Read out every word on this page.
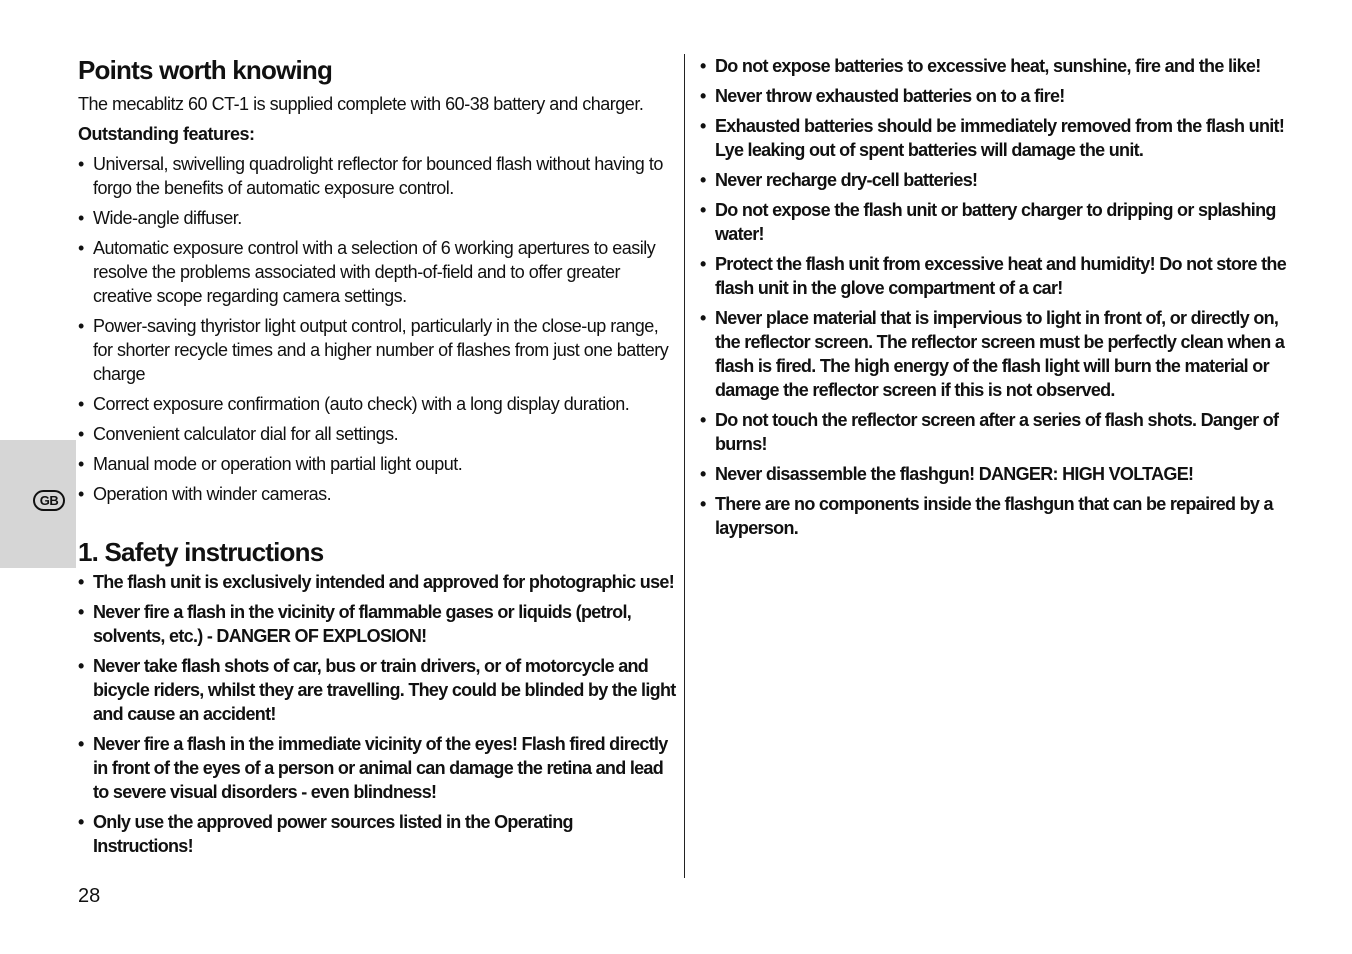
GB
Points worth knowing

The mecablitz 60 CT-1 is supplied complete with 60-38 battery and charger.

Outstanding features:

• Universal, swivelling quadrolight reflector for bounced flash without having to forgo the benefits of automatic exposure control.
• Wide-angle diffuser.
• Automatic exposure control with a selection of 6 working apertures to easily resolve the problems associated with depth-of-field and to offer greater creative scope regarding camera settings.
• Power-saving thyristor light output control, particularly in the close-up range, for shorter recycle times and a higher number of flashes from just one battery charge
• Correct exposure confirmation (auto check) with a long display duration.
• Convenient calculator dial for all settings.
• Manual mode or operation with partial light ouput.
• Operation with winder cameras.
1. Safety instructions
• The flash unit is exclusively intended and approved for photographic use!
• Never fire a flash in the vicinity of flammable gases or liquids (petrol, solvents, etc.) - DANGER OF EXPLOSION!
• Never take flash shots of car, bus or train drivers, or of motorcycle and bicycle riders, whilst they are travelling. They could be blinded by the light and cause an accident!
• Never fire a flash in the immediate vicinity of the eyes! Flash fired directly in front of the eyes of a person or animal can damage the retina and lead to severe visual disorders - even blindness!
• Only use the approved power sources listed in the Operating Instructions!
• Do not expose batteries to excessive heat, sunshine, fire and the like!
• Never throw exhausted batteries on to a fire!
• Exhausted batteries should be immediately removed from the flash unit! Lye leaking out of spent batteries will damage the unit.
• Never recharge dry-cell batteries!
• Do not expose the flash unit or battery charger to dripping or splashing water!
• Protect the flash unit from excessive heat and humidity! Do not store the flash unit in the glove compartment of a car!
• Never place material that is impervious to light in front of, or directly on, the reflector screen. The reflector screen must be perfectly clean when a flash is fired. The high energy of the flash light will burn the material or damage the reflector screen if this is not observed.
• Do not touch the reflector screen after a series of flash shots. Danger of burns!
• Never disassemble the flashgun! DANGER: HIGH VOLTAGE!
• There are no components inside the flashgun that can be repaired by a layperson.
28
